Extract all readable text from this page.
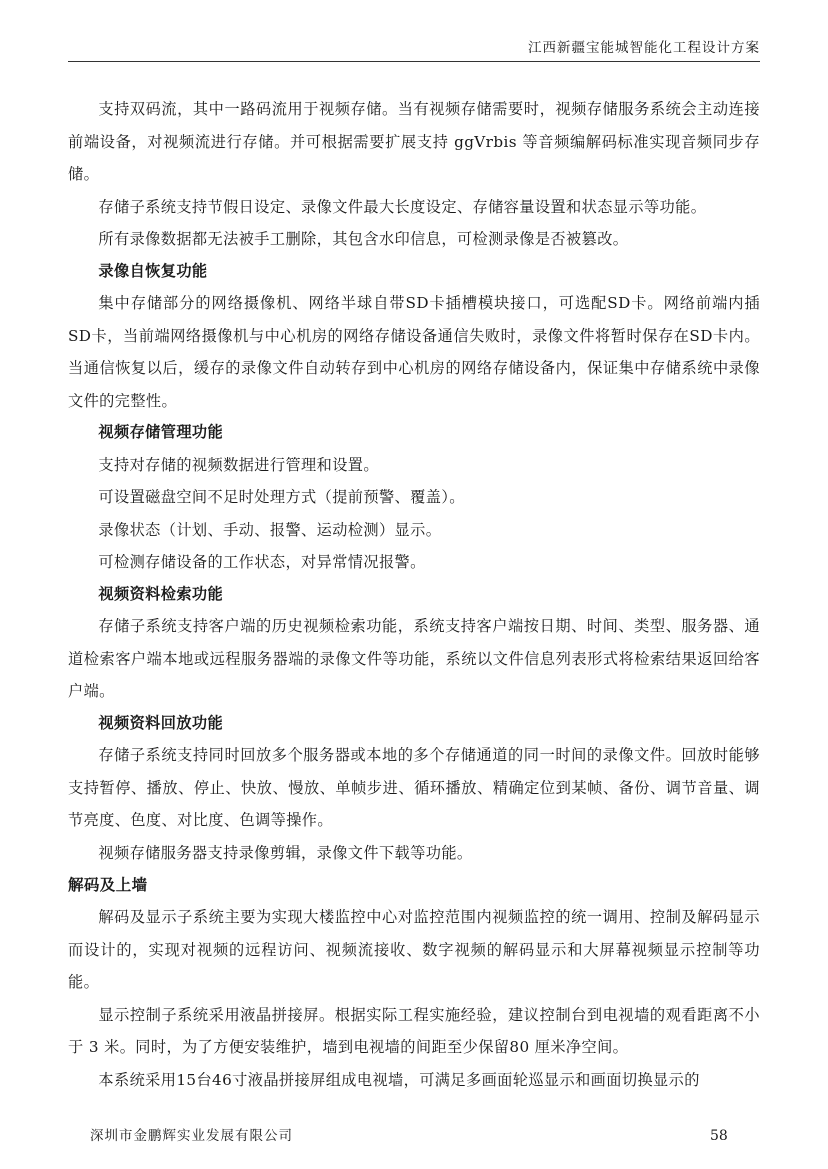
江西新疆宝能城智能化工程设计方案

支持双码流，其中一路码流用于视频存储。当有视频存储需要时，视频存储服务系统会主动连接前端设备，对视频流进行存储。并可根据需要扩展支持 ggVrbis 等音频编解码标准实现音频同步存储。

存储子系统支持节假日设定、录像文件最大长度设定、存储容量设置和状态显示等功能。

所有录像数据都无法被手工删除，其包含水印信息，可检测录像是否被篡改。

录像自恢复功能

集中存储部分的网络摄像机、网络半球自带SD卡插槽模块接口，可选配SD卡。网络前端内插SD卡，当前端网络摄像机与中心机房的网络存储设备通信失败时，录像文件将暂时保存在SD卡内。当通信恢复以后，缓存的录像文件自动转存到中心机房的网络存储设备内，保证集中存储系统中录像文件的完整性。

视频存储管理功能

支持对存储的视频数据进行管理和设置。

可设置磁盘空间不足时处理方式（提前预警、覆盖）。

录像状态（计划、手动、报警、运动检测）显示。

可检测存储设备的工作状态，对异常情况报警。

视频资料检索功能

存储子系统支持客户端的历史视频检索功能，系统支持客户端按日期、时间、类型、服务器、通道检索客户端本地或远程服务器端的录像文件等功能，系统以文件信息列表形式将检索结果返回给客户端。

视频资料回放功能

存储子系统支持同时回放多个服务器或本地的多个存储通道的同一时间的录像文件。回放时能够支持暂停、播放、停止、快放、慢放、单帧步进、循环播放、精确定位到某帧、备份、调节音量、调节亮度、色度、对比度、色调等操作。

视频存储服务器支持录像剪辑，录像文件下载等功能。

解码及上墙

解码及显示子系统主要为实现大楼监控中心对监控范围内视频监控的统一调用、控制及解码显示而设计的，实现对视频的远程访问、视频流接收、数字视频的解码显示和大屏幕视频显示控制等功能。

显示控制子系统采用液晶拼接屏。根据实际工程实施经验，建议控制台到电视墙的观看距离不小于 3 米。同时，为了方便安装维护，墙到电视墙的间距至少保留80 厘米净空间。

本系统采用15台46寸液晶拼接屏组成电视墙，可满足多画面轮巡显示和画面切换显示的

深圳市金鹏辉实业发展有限公司	58
